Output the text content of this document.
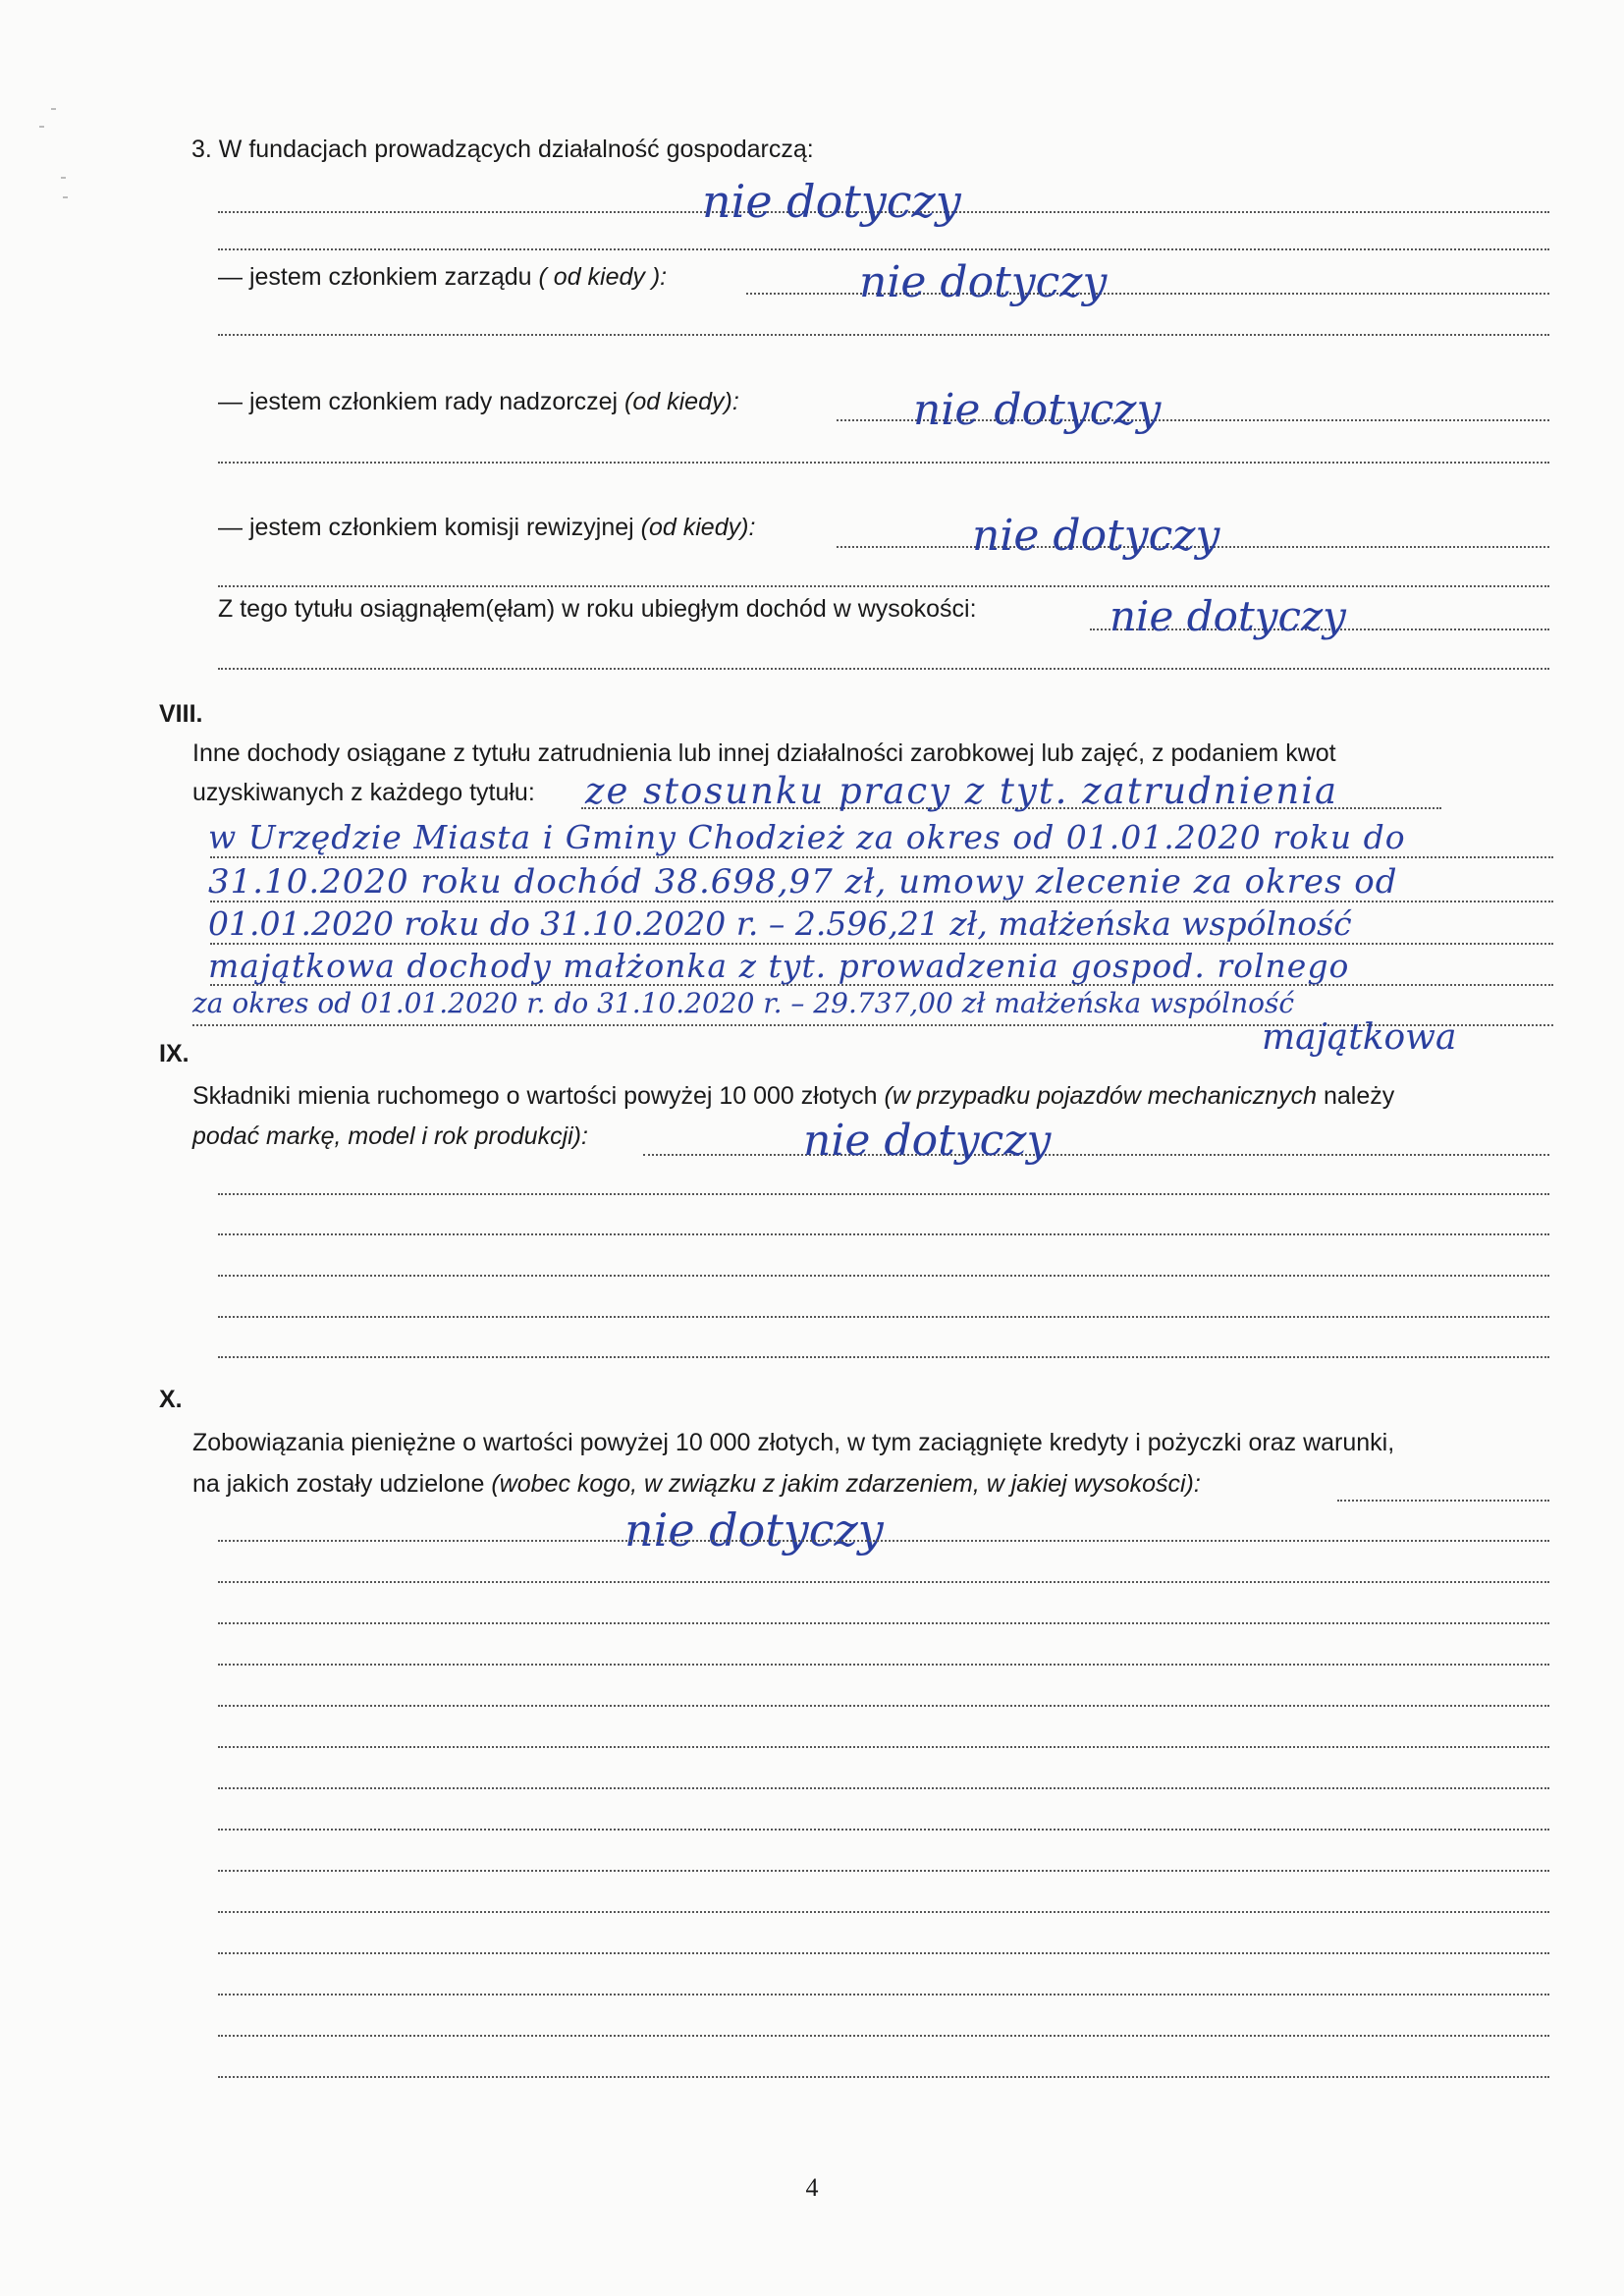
3. W fundacjach prowadzących działalność gospodarczą:

nie dotyczy

— jestem członkiem zarządu ( od kiedy ):	nie dotyczy

— jestem członkiem rady nadzorczej (od kiedy):	nie dotyczy

— jestem członkiem komisji rewizyjnej (od kiedy):	nie dotyczy

Z tego tytułu osiągnąłem(ęłam) w roku ubiegłym dochód w wysokości:	nie dotyczy

VIII.

Inne dochody osiągane z tytułu zatrudnienia lub innej działalności zarobkowej lub zajęć, z podaniem kwot

uzyskiwanych z każdego tytułu: ze stosunku pracy z tyt. zatrudnienia

w Urzędzie Miasta i Gminy Chodzież za okres od 01.01.2020 roku do

31.10.2020 roku dochód 38.698,97 zł, umowy zlecenie za okres od

01.01.2020 roku do 31.10.2020 r. – 2.596,21 zł, małżeńska wspólność

majątkowa dochody małżonka z tyt. prowadzenia gospod. rolnego

za okres od 01.01.2020 r. do 31.10.2020 r. – 29.737,00 zł małżeńska wspólność

majątkowa

IX.

Składniki mienia ruchomego o wartości powyżej 10 000 złotych (w przypadku pojazdów mechanicznych należy

podać markę, model i rok produkcji):	nie dotyczy

X.

Zobowiązania pieniężne o wartości powyżej 10 000 złotych, w tym zaciągnięte kredyty i pożyczki oraz warunki,

na jakich zostały udzielone (wobec kogo, w związku z jakim zdarzeniem, w jakiej wysokości):

nie dotyczy

4
